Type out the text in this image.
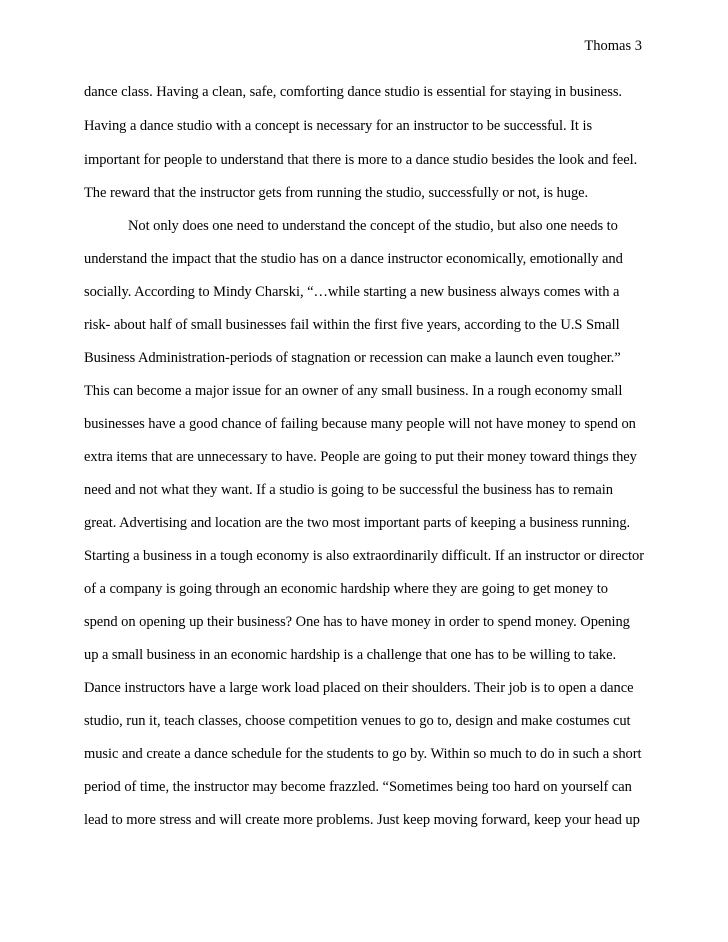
Thomas 3
dance class. Having a clean, safe, comforting dance studio is essential for staying in business.
Having a dance studio with a concept is necessary for an instructor to be successful. It is
important for people to understand that there is more to a dance studio besides the look and feel.
The reward that the instructor gets from running the studio, successfully or not, is huge.
Not only does one need to understand the concept of the studio, but also one needs to
understand the impact that the studio has on a dance instructor economically, emotionally and
socially. According to Mindy Charski, “…while starting a new business always comes with a
risk- about half of small businesses fail within the first five years, according to the U.S Small
Business Administration-periods of stagnation or recession can make a launch even tougher.”
This can become a major issue for an owner of any small business. In a rough economy small
businesses have a good chance of failing because many people will not have money to spend on
extra items that are unnecessary to have. People are going to put their money toward things they
need and not what they want. If a studio is going to be successful the business has to remain
great. Advertising and location are the two most important parts of keeping a business running.
Starting a business in a tough economy is also extraordinarily difficult. If an instructor or director
of a company is going through an economic hardship where they are going to get money to
spend on opening up their business? One has to have money in order to spend money. Opening
up a small business in an economic hardship is a challenge that one has to be willing to take.
Dance instructors have a large work load placed on their shoulders. Their job is to open a dance
studio, run it, teach classes, choose competition venues to go to, design and make costumes cut
music and create a dance schedule for the students to go by. Within so much to do in such a short
period of time, the instructor may become frazzled. “Sometimes being too hard on yourself can
lead to more stress and will create more problems. Just keep moving forward, keep your head up
